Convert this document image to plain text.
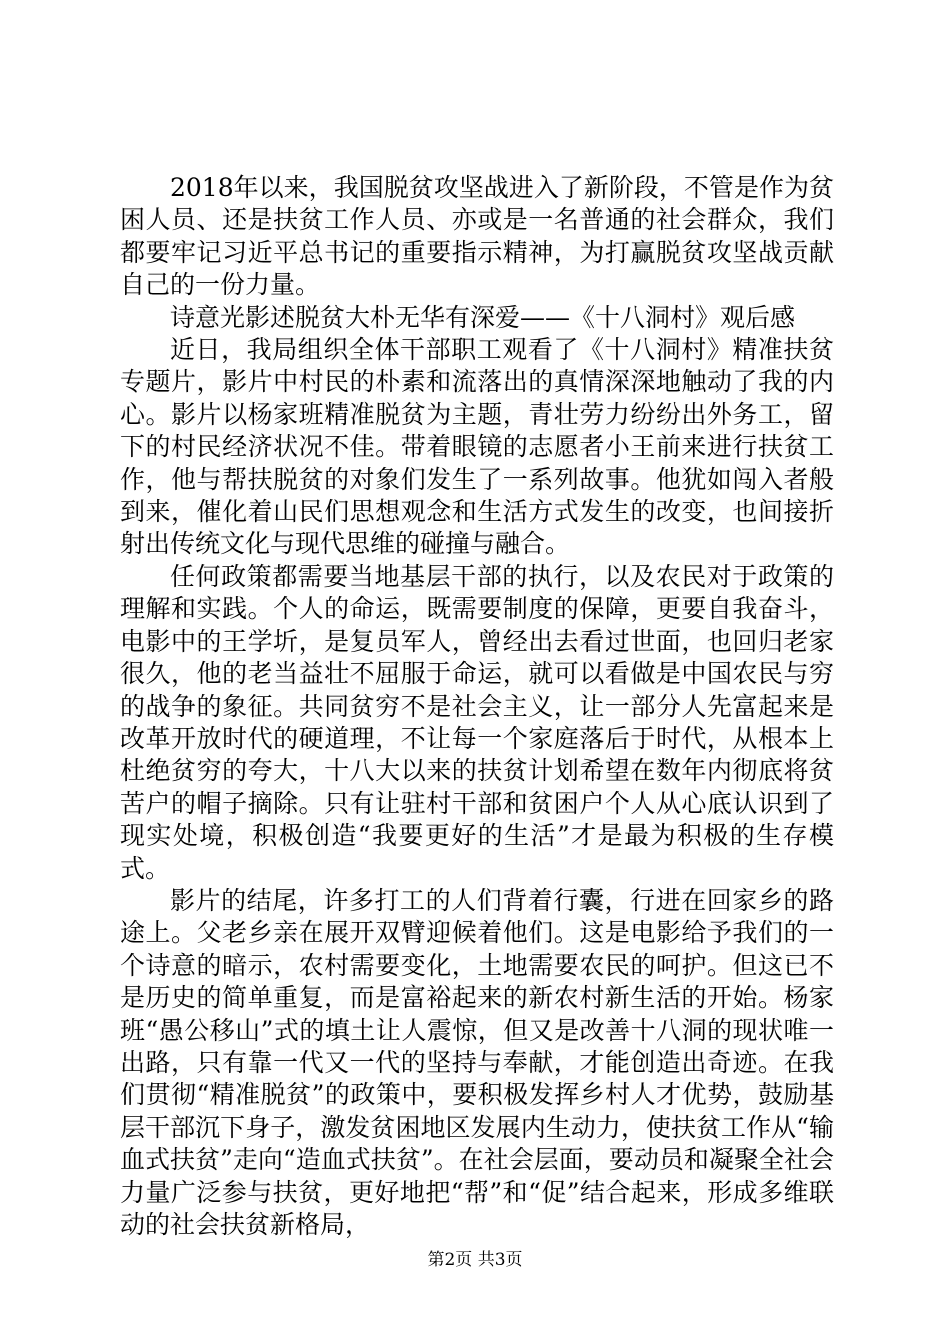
2018年以来，我国脱贫攻坚战进入了新阶段，不管是作为贫困人员、还是扶贫工作人员、亦或是一名普通的社会群众，我们都要牢记习近平总书记的重要指示精神，为打赢脱贫攻坚战贡献自己的一份力量。

诗意光影述脱贫大朴无华有深爱——《十八洞村》观后感

近日，我局组织全体干部职工观看了《十八洞村》精准扶贫专题片，影片中村民的朴素和流落出的真情深深地触动了我的内心。影片以杨家班精准脱贫为主题，青壮劳力纷纷出外务工，留下的村民经济状况不佳。带着眼镜的志愿者小王前来进行扶贫工作，他与帮扶脱贫的对象们发生了一系列故事。他犹如闯入者般到来，催化着山民们思想观念和生活方式发生的改变，也间接折射出传统文化与现代思维的碰撞与融合。

任何政策都需要当地基层干部的执行，以及农民对于政策的理解和实践。个人的命运，既需要制度的保障，更要自我奋斗，电影中的王学圻，是复员军人，曾经出去看过世面，也回归老家很久，他的老当益壮不屈服于命运，就可以看做是中国农民与穷的战争的象征。共同贫穷不是社会主义，让一部分人先富起来是改革开放时代的硬道理，不让每一个家庭落后于时代，从根本上杜绝贫穷的夸大，十八大以来的扶贫计划希望在数年内彻底将贫苦户的帽子摘除。只有让驻村干部和贫困户个人从心底认识到了现实处境，积极创造“我要更好的生活”才是最为积极的生存模式。

影片的结尾，许多打工的人们背着行囊，行进在回家乡的路途上。父老乡亲在展开双臂迎候着他们。这是电影给予我们的一个诗意的暗示，农村需要变化，土地需要农民的呵护。但这已不是历史的简单重复，而是富裕起来的新农村新生活的开始。杨家班“愚公移山”式的填土让人震惊，但又是改善十八洞的现状唯一出路，只有靠一代又一代的坚持与奉献，才能创造出奇迹。在我们贯彻“精准脱贫”的政策中，要积极发挥乡村人才优势，鼓励基层干部沉下身子，激发贫困地区发展内生动力，使扶贫工作从“输血式扶贫”走向“造血式扶贫”。在社会层面，要动员和凝聚全社会力量广泛参与扶贫，更好地把“帮”和“促”结合起来，形成多维联动的社会扶贫新格局，

第2页 共3页
